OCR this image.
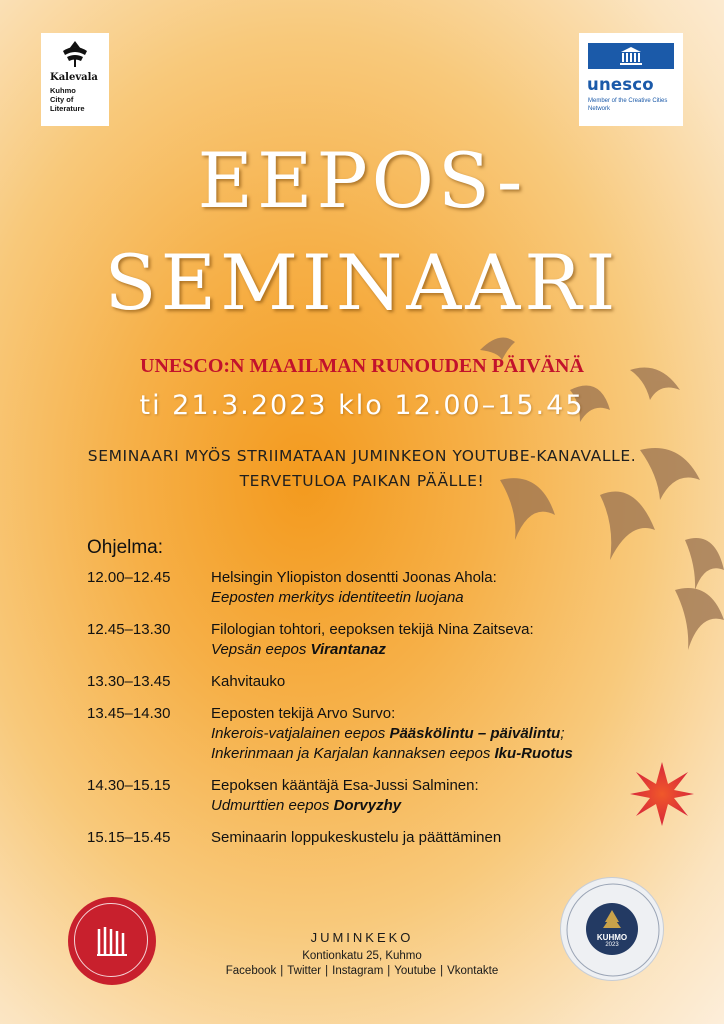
Kalevala
Kuhmo
City of
Literature
unesco
Member of the Creative Cities Network
EEPOS-
SEMINAARI
UNESCO:N MAAILMAN RUNOUDEN PÄIVÄNÄ
ti 21.3.2023 klo 12.00–15.45
SEMINAARI MYÖS STRIIMATAAN JUMINKEON YOUTUBE-KANAVALLE.
TERVETULOA PAIKAN PÄÄLLE!
Ohjelma:
12.00–12.45	Helsingin Yliopiston dosentti Joonas Ahola:
Eeposten merkitys identiteetin luojana
12.45–13.30	Filologian tohtori, eepoksen tekijä Nina Zaitseva:
Vepsän eepos Virantanaz
13.30–13.45	Kahvitauko
13.45–14.30	Eeposten tekijä Arvo Survo:
Inkerois-vatjalainen eepos Pääskölintu – päivälintu;
Inkerinmaan ja Karjalan kannaksen eepos Iku-Ruotus
14.30–15.15	Eepoksen kääntäjä Esa-Jussi Salminen:
Udmurttien eepos Dorvyzhy
15.15–15.45	Seminaarin loppukeskustelu ja päättäminen
KUHMO
2023
JUMINKEKO
Kontionkatu 25, Kuhmo
Facebook | Twitter | Instagram | Youtube | Vkontakte
